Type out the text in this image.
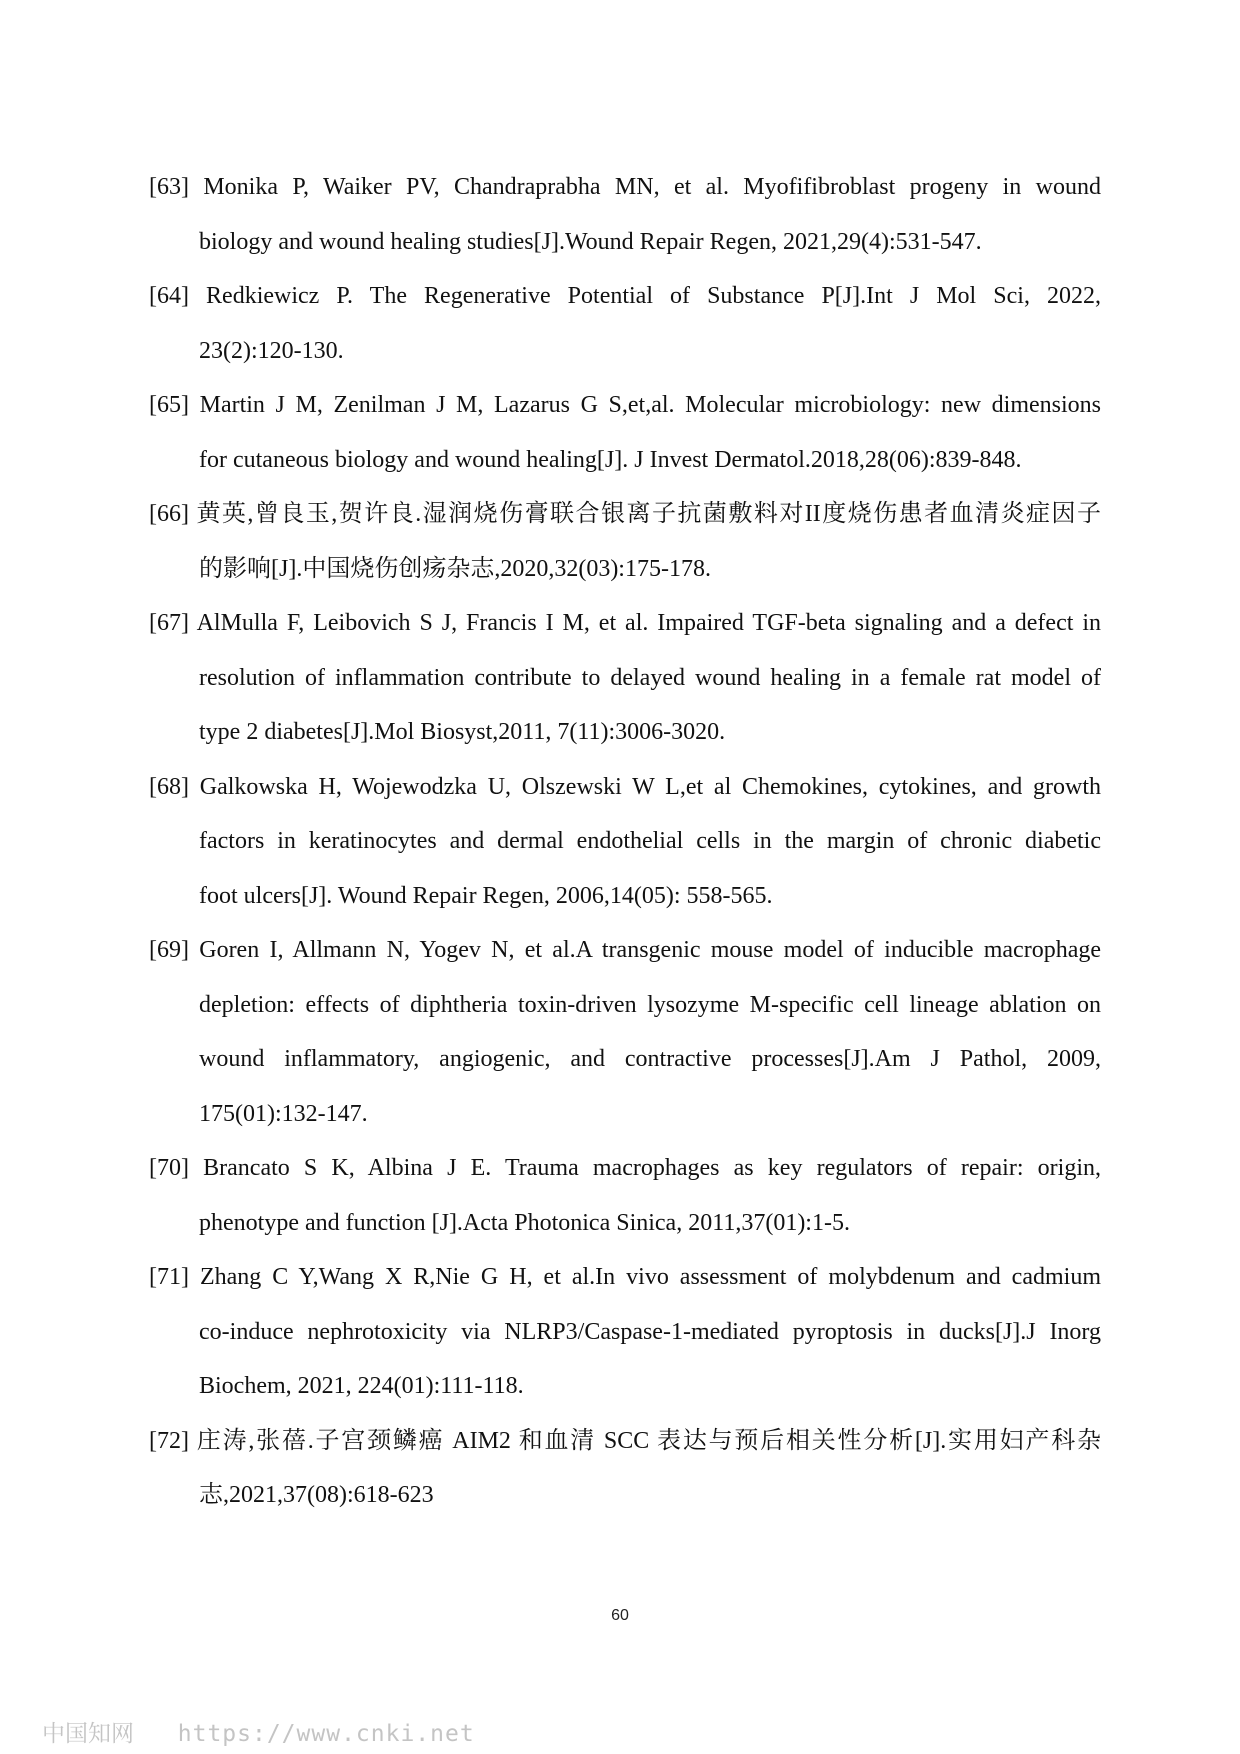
[63] Monika P, Waiker PV, Chandraprabha MN, et al. Myofifibroblast progeny in wound
biology and wound healing studies[J].Wound Repair Regen, 2021,29(4):531-547.
[64] Redkiewicz P. The Regenerative Potential of Substance P[J].Int J Mol Sci, 2022,
23(2):120-130.
[65] Martin J M, Zenilman J M, Lazarus G S,et,al. Molecular microbiology: new dimensions
for cutaneous biology and wound healing[J]. J Invest Dermatol.2018,28(06):839-848.
[66] 黄英,曾良玉,贺许良.湿润烧伤膏联合银离子抗菌敷料对II度烧伤患者血清炎症因子
的影响[J].中国烧伤创疡杂志,2020,32(03):175-178.
[67] AlMulla F, Leibovich S J, Francis I M, et al. Impaired TGF-beta signaling and a defect in
resolution of inflammation contribute to delayed wound healing in a female rat model of
type 2 diabetes[J].Mol Biosyst,2011, 7(11):3006-3020.
[68] Galkowska H, Wojewodzka U, Olszewski W L,et al Chemokines, cytokines, and growth
factors in keratinocytes and dermal endothelial cells in the margin of chronic diabetic
foot ulcers[J]. Wound Repair Regen, 2006,14(05): 558-565.
[69] Goren I, Allmann N, Yogev N, et al.A transgenic mouse model of inducible macrophage
depletion: effects of diphtheria toxin-driven lysozyme M-specific cell lineage ablation on
wound inflammatory, angiogenic, and contractive processes[J].Am J Pathol, 2009,
175(01):132-147.
[70] Brancato S K, Albina J E. Trauma macrophages as key regulators of repair: origin,
phenotype and function [J].Acta Photonica Sinica, 2011,37(01):1-5.
[71] Zhang C Y,Wang X R,Nie G H, et al.In vivo assessment of molybdenum and cadmium
co-induce nephrotoxicity via NLRP3/Caspase-1-mediated pyroptosis in ducks[J].J Inorg
Biochem, 2021, 224(01):111-118.
[72] 庄涛,张蓓.子宫颈鳞癌 AIM2 和血清 SCC 表达与预后相关性分析[J].实用妇产科杂
志,2021,37(08):618-623
60
中国知网 https://www.cnki.net
